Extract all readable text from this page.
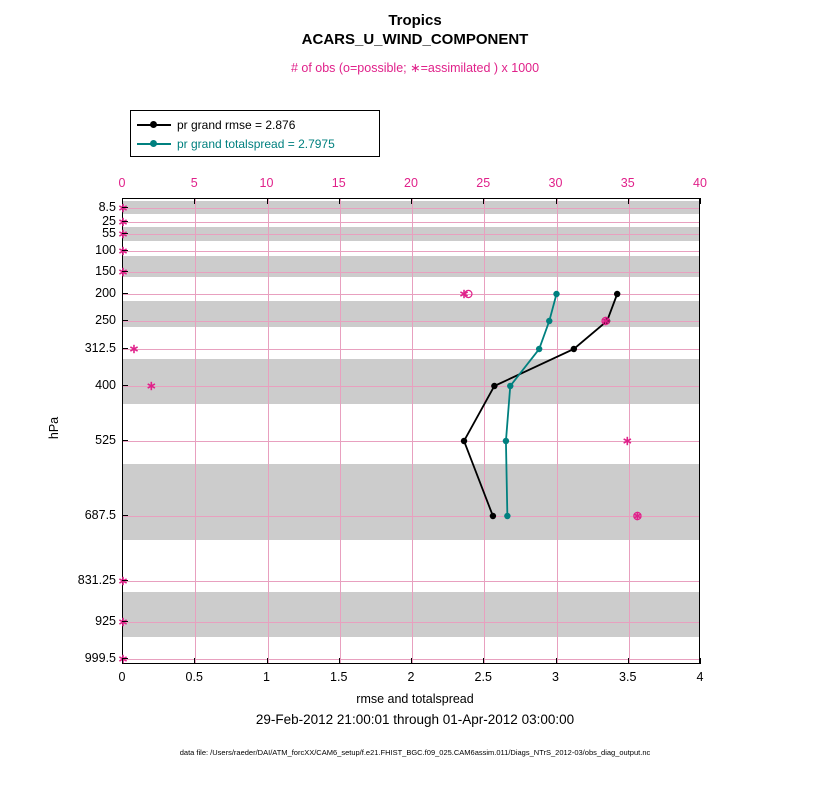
Tropics
ACARS_U_WIND_COMPONENT
# of obs (o=possible; ∗=assimilated ) x 1000
pr grand rmse = 2.876
pr grand totalspread = 2.7975
hPa
rmse and totalspread
29-Feb-2012 21:00:01 through 01-Apr-2012 03:00:00
data file: /Users/raeder/DAI/ATM_forcXX/CAM6_setup/f.e21.FHIST_BGC.f09_025.CAM6assim.011/Diags_NTrS_2012-03/obs_diag_output.nc
0
0
0.5
5
1
10
1.5
15
2
20
2.5
25
3
30
3.5
35
4
40
8.5
25
55
100
150
200
250
312.5
400
525
687.5
831.25
925
999.5
